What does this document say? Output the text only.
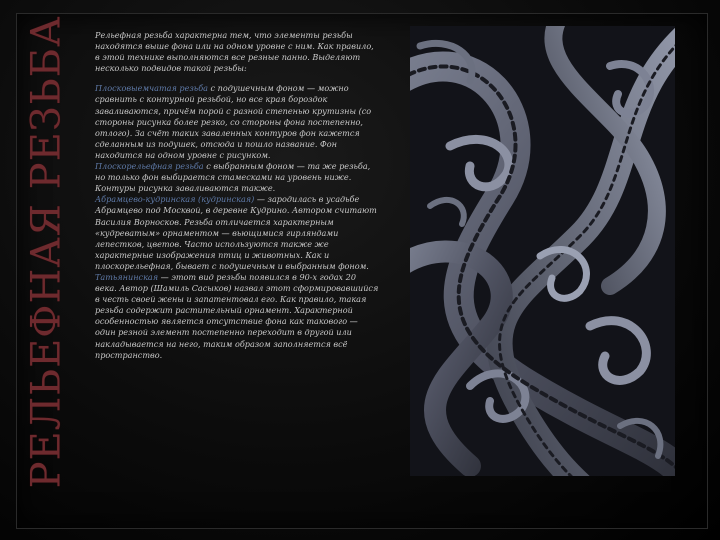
РЕЛЬЕФНАЯ РЕЗЬБА	Рельефная резьба характерна тем, что элементы резьбы находятся выше фона или на одном уровне с ним. Как правило, в этой технике выполняются все резные панно. Выделяют несколько подвидов такой резьбы:

Плосковыемчатая резьба с подушечным фоном — можно сравнить с контурной резьбой, но все края бороздок заваливаются, причём порой с разной степенью крутизны (со стороны рисунка более резко, со стороны фона постепенно, отлого). За счёт таких заваленных контуров фон кажется сделанным из подушек, отсюда и пошло название. Фон находится на одном уровне с рисунком.

Плоскорельефная резьба с выбранным фоном — та же резьба, но только фон выбирается стамесками на уровень ниже. Контуры рисунка заваливаются также.

Абрамцево-кудринская (кудринская) — зародилась в усадьбе Абрамцево под Москвой, в деревне Кудрино. Автором считают Василия Ворносков. Резьба отличается характерным «кудреватым» орнаментом — вьющимися гирляндами лепестков, цветов. Часто используются также же характерные изображения птиц и животных. Как и плоскорельефная, бывает с подушечным и выбранным фоном.

Татьянинская — этот вид резьбы появился в 90-х годах 20 века. Автор (Шамиль Сасыков) назвал этот сформировавшийся в честь своей жены и запатентовал его. Как правило, такая резьба содержит растительный орнамент. Характерной особенностью является отсутствие фона как такового — один резной элемент постепенно переходит в другой или накладывается на него, таким образом заполняется всё пространство.
